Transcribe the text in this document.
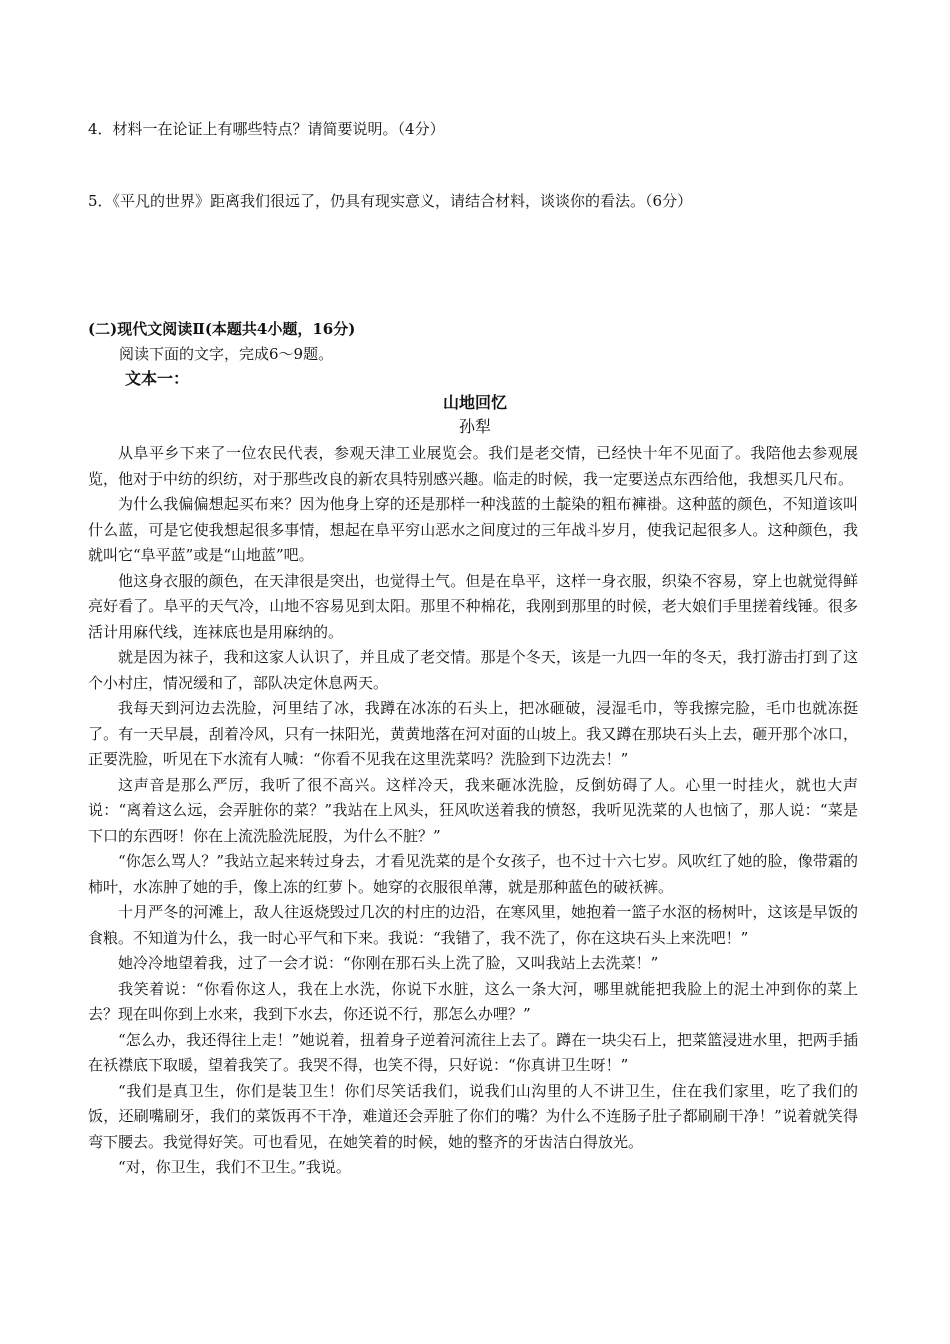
4．材料一在论证上有哪些特点？请简要说明。（4分）

5．《平凡的世界》距离我们很远了，仍具有现实意义，请结合材料，谈谈你的看法。（6分）

(二)现代文阅读Ⅱ(本题共4小题，16分)

阅读下面的文字，完成6～9题。

文本一：

山地回忆

孙犁

从阜平乡下来了一位农民代表，参观天津工业展览会。我们是老交情，已经快十年不见面了。我陪他去参观展览，他对于中纺的织纺，对于那些改良的新农具特别感兴趣。临走的时候，我一定要送点东西给他，我想买几尺布。

为什么我偏偏想起买布来？因为他身上穿的还是那样一种浅蓝的土靛染的粗布褲褂。这种蓝的颜色，不知道该叫什么蓝，可是它使我想起很多事情，想起在阜平穷山恶水之间度过的三年战斗岁月，使我记起很多人。这种颜色，我就叫它“阜平蓝”或是“山地蓝”吧。

他这身衣服的颜色，在天津很是突出，也觉得土气。但是在阜平，这样一身衣服，织染不容易，穿上也就觉得鲜亮好看了。阜平的天气冷，山地不容易见到太阳。那里不种棉花，我刚到那里的时候，老大娘们手里搓着线锤。很多活计用麻代线，连袜底也是用麻纳的。

就是因为袜子，我和这家人认识了，并且成了老交情。那是个冬天，该是一九四一年的冬天，我打游击打到了这个小村庄，情况缓和了，部队决定休息两天。

我每天到河边去洗脸，河里结了冰，我蹲在冰冻的石头上，把冰砸破，浸湿毛巾，等我擦完脸，毛巾也就冻挺了。有一天早晨，刮着冷风，只有一抹阳光，黄黄地落在河对面的山坡上。我又蹲在那块石头上去，砸开那个冰口，正要洗脸，听见在下水流有人喊：“你看不见我在这里洗菜吗？洗脸到下边洗去！”

这声音是那么严厉，我听了很不高兴。这样冷天，我来砸冰洗脸，反倒妨碍了人。心里一时挂火，就也大声说：“离着这么远，会弄脏你的菜？”我站在上风头，狂风吹送着我的愤怒，我听见洗菜的人也恼了，那人说：“菜是下口的东西呀！你在上流洗脸洗屁股，为什么不脏？”

“你怎么骂人？”我站立起来转过身去，才看见洗菜的是个女孩子，也不过十六七岁。风吹红了她的脸，像带霜的柿叶，水冻肿了她的手，像上冻的红萝卜。她穿的衣服很单薄，就是那种蓝色的破袄裤。

十月严冬的河滩上，敌人往返烧毁过几次的村庄的边沿，在寒风里，她抱着一篮子水沤的杨树叶，这该是早饭的食粮。不知道为什么，我一时心平气和下来。我说：“我错了，我不洗了，你在这块石头上来洗吧！”

她冷冷地望着我，过了一会才说：“你刚在那石头上洗了脸，又叫我站上去洗菜！”

我笑着说：“你看你这人，我在上水洗，你说下水脏，这么一条大河，哪里就能把我脸上的泥土冲到你的菜上去？现在叫你到上水来，我到下水去，你还说不行，那怎么办哩？”

“怎么办，我还得往上走！”她说着，扭着身子逆着河流往上去了。蹲在一块尖石上，把菜篮浸进水里，把两手插在袄襟底下取暖，望着我笑了。我哭不得，也笑不得，只好说：“你真讲卫生呀！”

“我们是真卫生，你们是装卫生！你们尽笑话我们，说我们山沟里的人不讲卫生，住在我们家里，吃了我们的饭，还刷嘴刷牙，我们的菜饭再不干净，难道还会弄脏了你们的嘴？为什么不连肠子肚子都刷刷干净！”说着就笑得弯下腰去。我觉得好笑。可也看见，在她笑着的时候，她的整齐的牙齿洁白得放光。

“对，你卫生，我们不卫生。”我说。
